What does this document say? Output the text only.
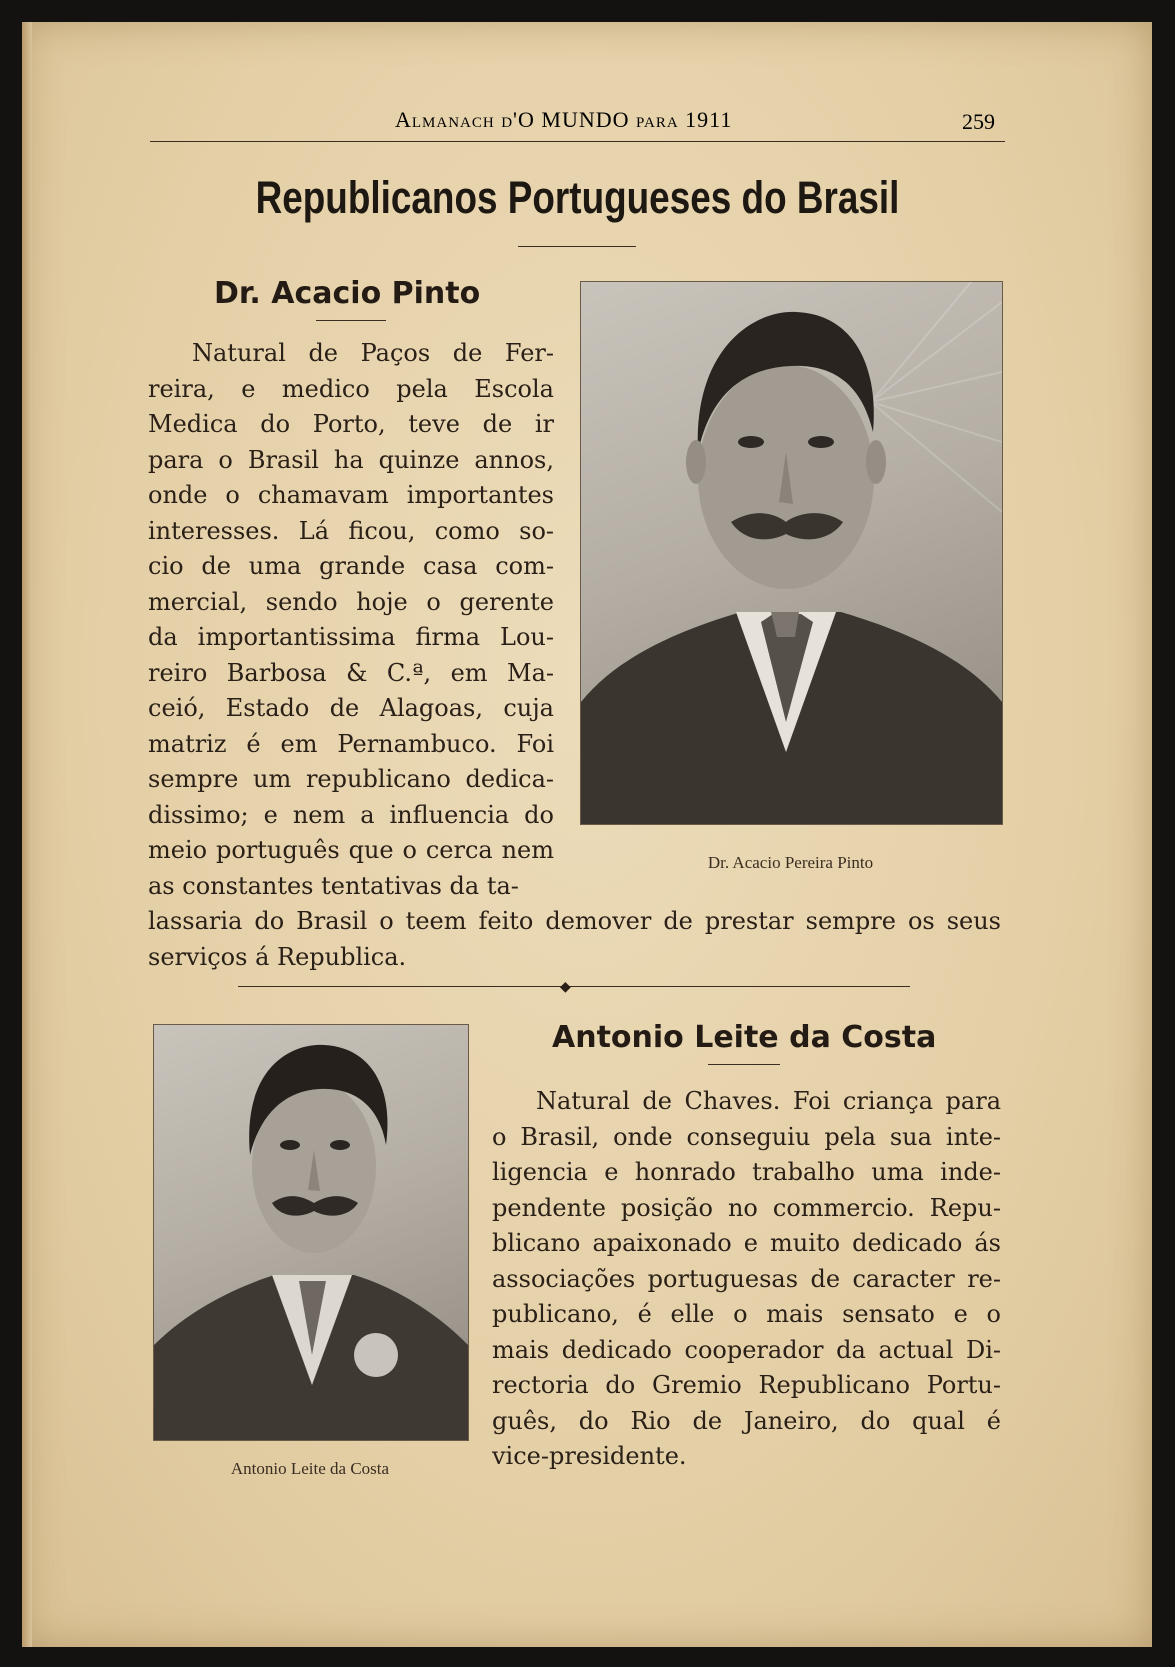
Almanach d'O MUNDO para 1911	259
Republicanos Portugueses do Brasil
Dr. Acacio Pinto
Natural de Paços de Fer-
reira, e medico pela Escola
Medica do Porto, teve de ir
para o Brasil ha quinze annos,
onde o chamavam importantes
interesses. Lá ficou, como so-
cio de uma grande casa com-
mercial, sendo hoje o gerente
da importantissima firma Lou-
reiro Barbosa & C.ª, em Ma-
ceió, Estado de Alagoas, cuja
matriz é em Pernambuco. Foi
sempre um republicano dedica-
dissimo; e nem a influencia do
meio português que o cerca nem
as constantes tentativas da ta-
lassaria do Brasil o teem feito demover de prestar sempre os seus
serviços á Republica.
Dr. Acacio Pereira Pinto
◆
Antonio Leite da Costa
Antonio Leite da Costa
Natural de Chaves. Foi criança para
o Brasil, onde conseguiu pela sua inte-
ligencia e honrado trabalho uma inde-
pendente posição no commercio. Repu-
blicano apaixonado e muito dedicado ás
associações portuguesas de caracter re-
publicano, é elle o mais sensato e o
mais dedicado cooperador da actual Di-
rectoria do Gremio Republicano Portu-
guês, do Rio de Janeiro, do qual é
vice-presidente.
